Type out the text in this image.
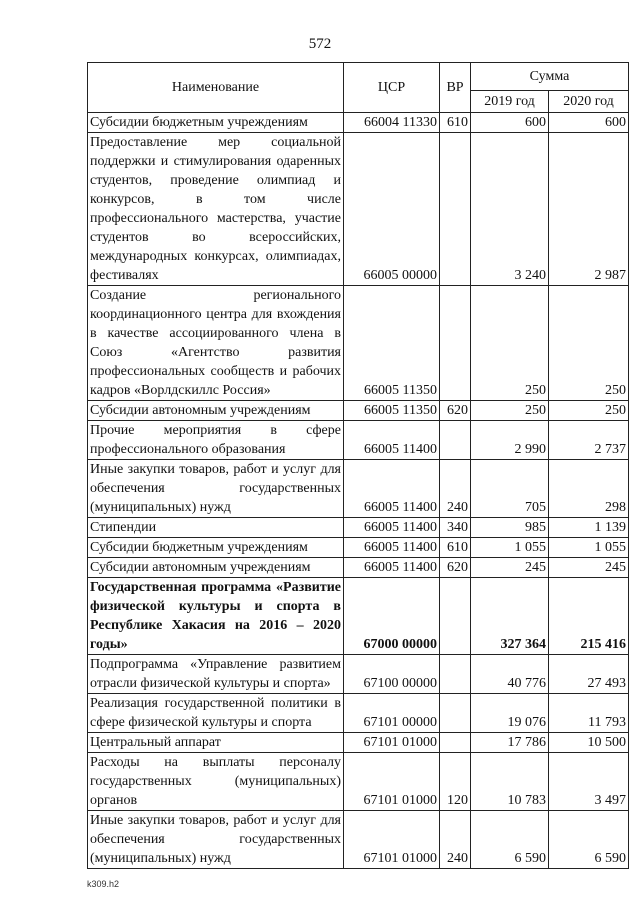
572
Наименование	ЦСР	ВР	Сумма	
			2019 год	2020 год
Субсидии бюджетным учреждениям	66004 11330	610	600	600
Предоставление мер социальной поддержки и стимулирования одаренных студентов, проведение олимпиад и конкурсов, в том числе профессионального мастерства, участие студентов во всероссийских, международных конкурсах, олимпиадах, фестивалях	66005 00000		3 240	2 987
Создание регионального координационного центра для вхождения в качестве ассоциированного члена в Союз «Агентство развития профессиональных сообществ и рабочих кадров «Ворлдскиллс Россия»	66005 11350		250	250
Субсидии автономным учреждениям	66005 11350	620	250	250
Прочие мероприятия в сфере профессионального образования	66005 11400		2 990	2 737
Иные закупки товаров, работ и услуг для обеспечения государственных (муниципальных) нужд	66005 11400	240	705	298
Стипендии	66005 11400	340	985	1 139
Субсидии бюджетным учреждениям	66005 11400	610	1 055	1 055
Субсидии автономным учреждениям	66005 11400	620	245	245
Государственная программа «Развитие физической культуры и спорта в Республике Хакасия на 2016 – 2020 годы»	67000 00000		327 364	215 416
Подпрограмма «Управление развитием отрасли физической культуры и спорта»	67100 00000		40 776	27 493
Реализация государственной политики в сфере физической культуры и спорта	67101 00000		19 076	11 793
Центральный аппарат	67101 01000		17 786	10 500
Расходы на выплаты персоналу государственных (муниципальных) органов	67101 01000	120	10 783	3 497
Иные закупки товаров, работ и услуг для обеспечения государственных (муниципальных) нужд	67101 01000	240	6 590	6 590
k309.h2
